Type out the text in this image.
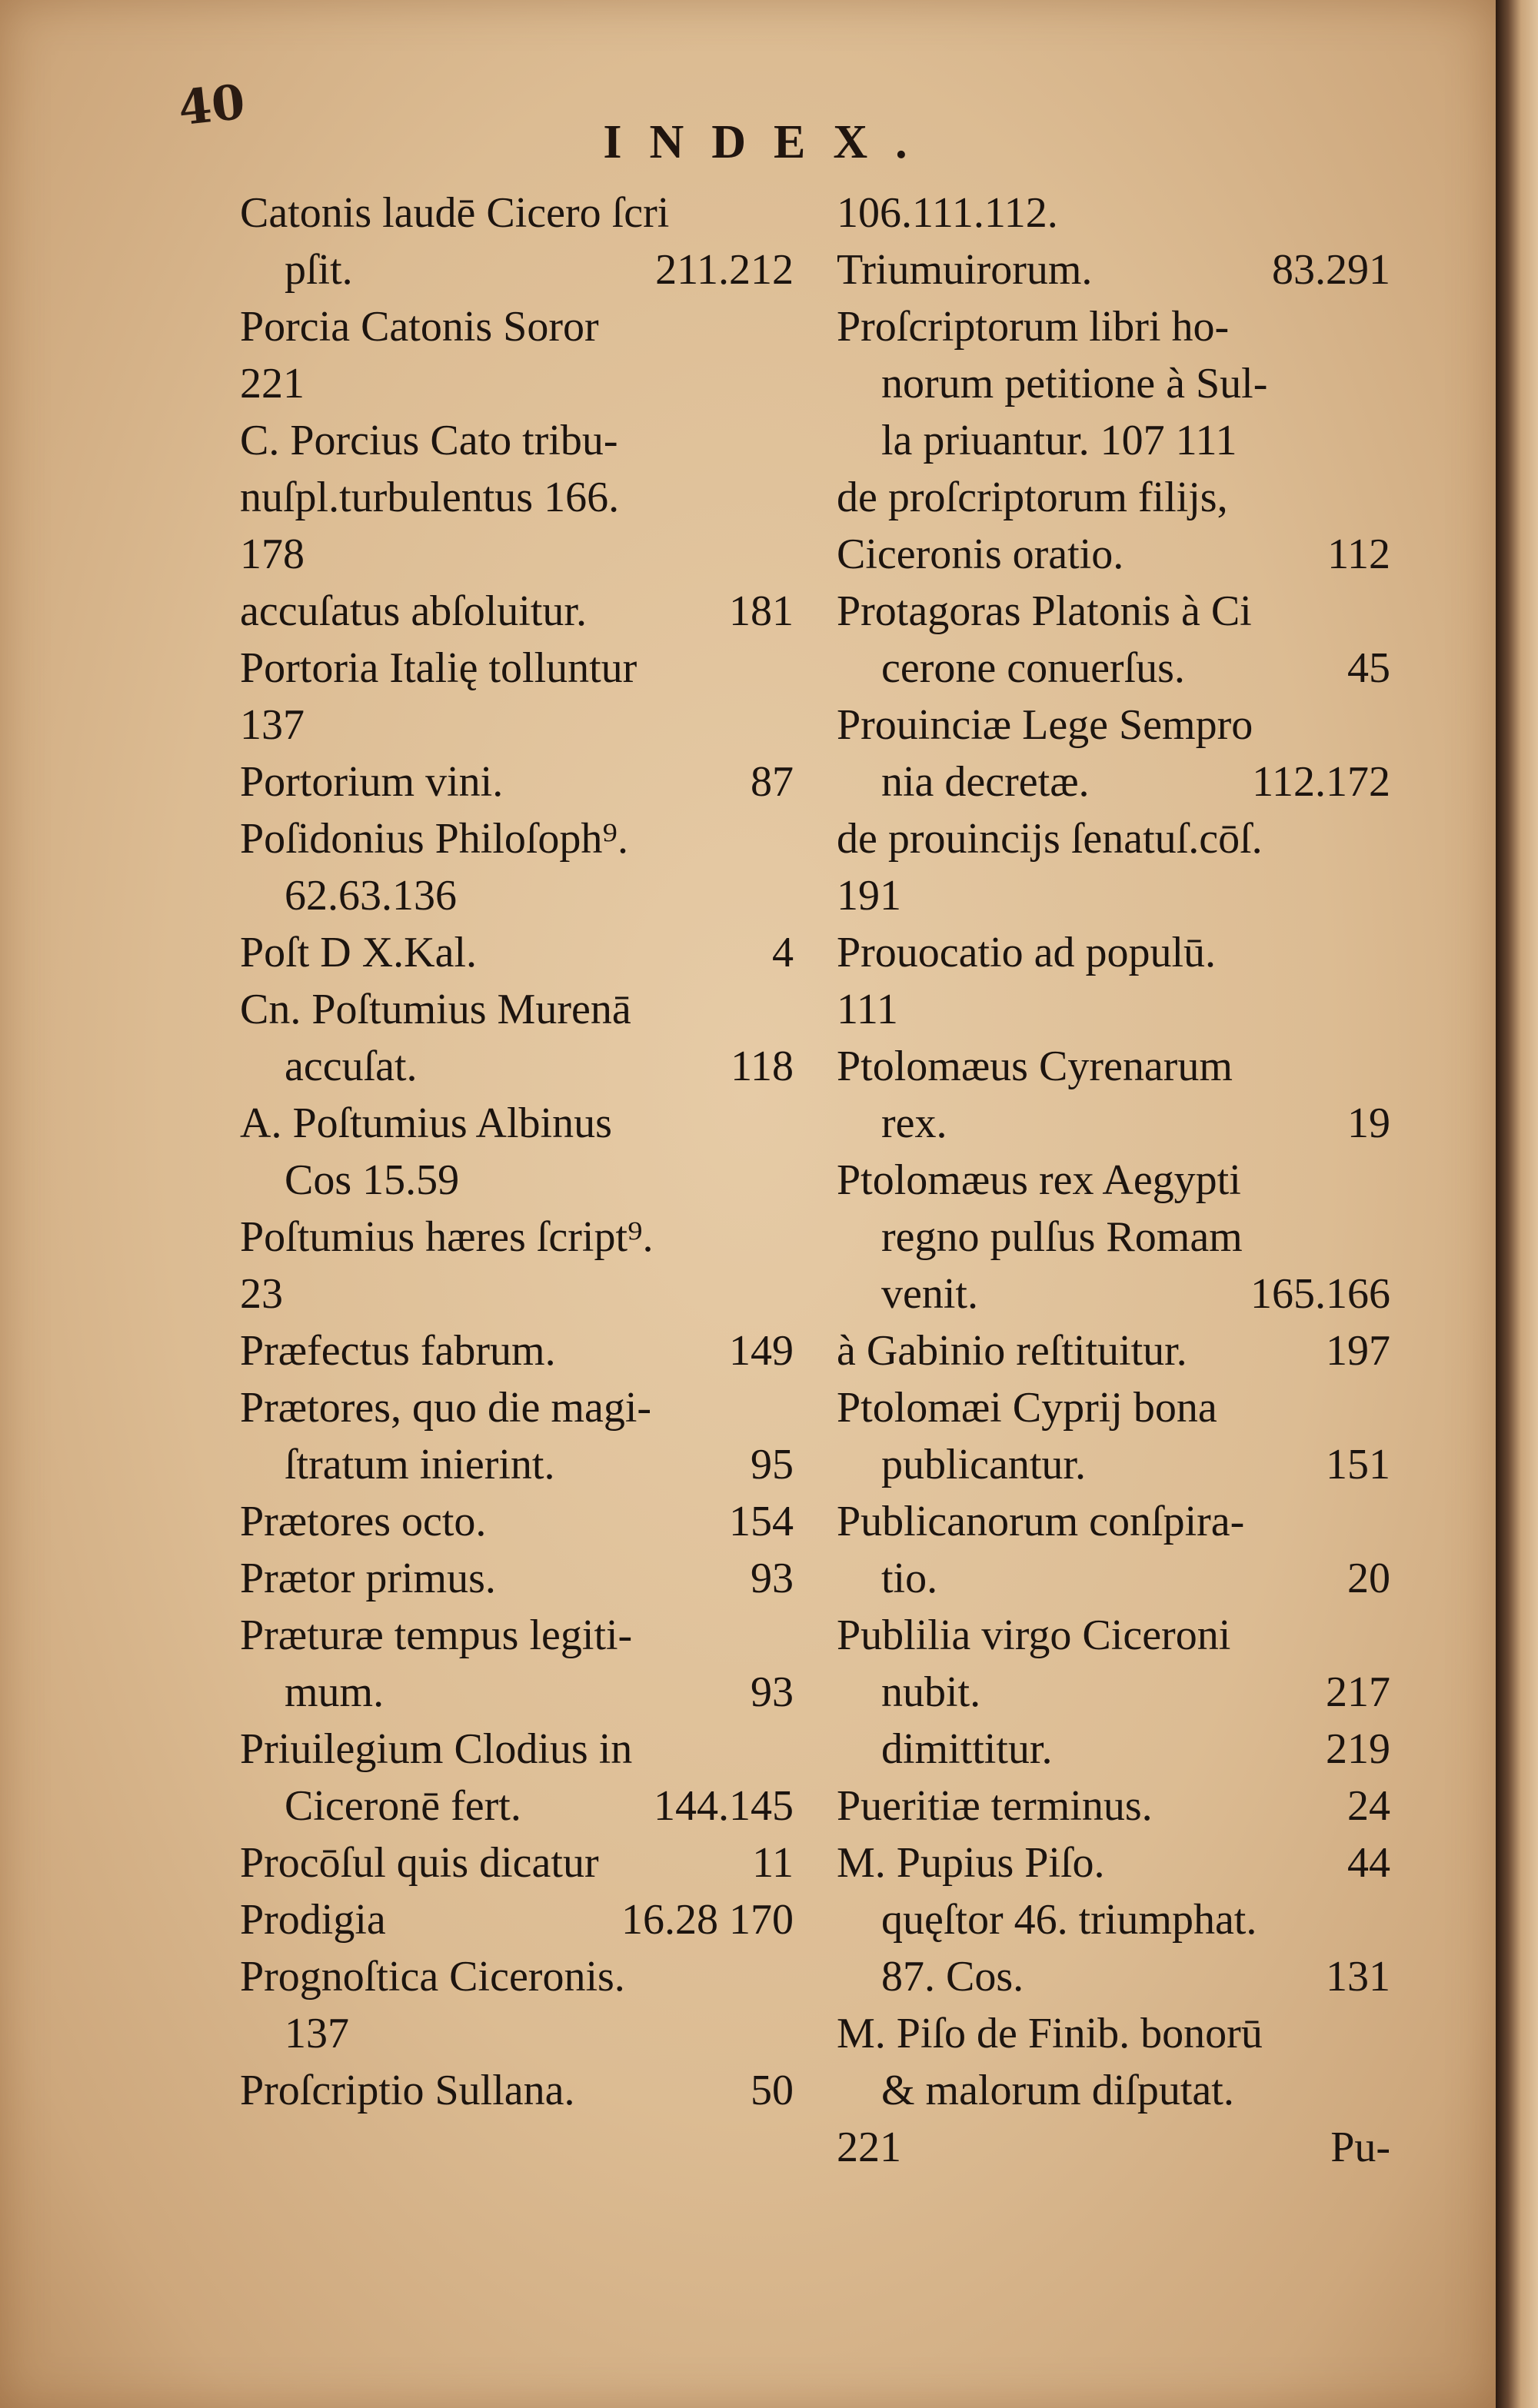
40
INDEX.
Catonis laudē Cicero ſcri
pſit.	211.212
Porcia Catonis Soror
221
C. Porcius Cato tribu-
nuſpl.turbulentus 166.
178
accuſatus abſoluitur.	181
Portoria Italię tolluntur
137
Portorium vini.	87
Poſidonius Philoſoph⁹.
62.63.136
Poſt D X.Kal.	4
Cn. Poſtumius Murenā
accuſat.	118
A. Poſtumius Albinus
Cos 15.59
Poſtumius hæres ſcript⁹.
23
Præfectus fabrum.	149
Prætores, quo die magi-
ſtratum inierint.	95
Prætores octo.	154
Prætor primus.	93
Præturæ tempus legiti-
mum.	93
Priuilegium Clodius in
Ciceronē fert.	144.145
Procōſul quis dicatur	11
Prodigia	16.28 170
Prognoſtica Ciceronis.
137
Proſcriptio Sullana.	50
106.111.112.
Triumuirorum.	83.291
Proſcriptorum libri ho-
norum petitione à Sul-
la priuantur. 107 111
de proſcriptorum filijs,
Ciceronis oratio.	112
Protagoras Platonis à Ci
cerone conuerſus.	45
Prouinciæ Lege Sempro
nia decretæ.	112.172
de prouincijs ſenatuſ.cōſ.
191
Prouocatio ad populū.
111
Ptolomæus Cyrenarum
rex.	19
Ptolomæus rex Aegypti
regno pulſus Romam
venit.	165.166
à Gabinio reſtituitur.	197
Ptolomæi Cyprij bona
publicantur.	151
Publicanorum conſpira-
tio.	20
Publilia virgo Ciceroni
nubit.	217
dimittitur.	219
Pueritiæ terminus.	24
M. Pupius Piſo.	44
quęſtor 46. triumphat.
87. Cos.	131
M. Piſo de Finib. bonorū
& malorum diſputat.
221	Pu-
